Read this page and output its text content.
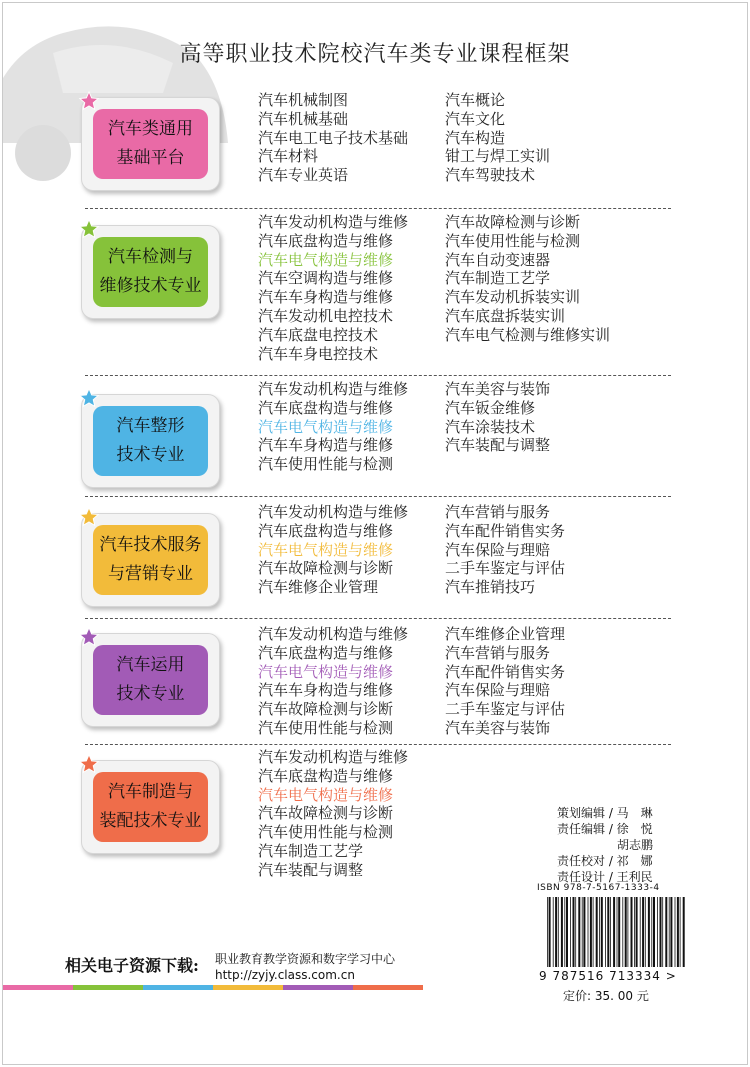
高等职业技术院校汽车类专业课程框架
汽车类通用
基础平台
汽车机械制图
汽车机械基础
汽车电工电子技术基础
汽车材料
汽车专业英语
汽车概论
汽车文化
汽车构造
钳工与焊工实训
汽车驾驶技术
汽车检测与
维修技术专业
汽车发动机构造与维修
汽车底盘构造与维修
汽车电气构造与维修
汽车空调构造与维修
汽车车身构造与维修
汽车发动机电控技术
汽车底盘电控技术
汽车车身电控技术
汽车故障检测与诊断
汽车使用性能与检测
汽车自动变速器
汽车制造工艺学
汽车发动机拆装实训
汽车底盘拆装实训
汽车电气检测与维修实训
汽车整形
技术专业
汽车发动机构造与维修
汽车底盘构造与维修
汽车电气构造与维修
汽车车身构造与维修
汽车使用性能与检测
汽车美容与装饰
汽车钣金维修
汽车涂装技术
汽车装配与调整
汽车技术服务
与营销专业
汽车发动机构造与维修
汽车底盘构造与维修
汽车电气构造与维修
汽车故障检测与诊断
汽车维修企业管理
汽车营销与服务
汽车配件销售实务
汽车保险与理赔
二手车鉴定与评估
汽车推销技巧
汽车运用
技术专业
汽车发动机构造与维修
汽车底盘构造与维修
汽车电气构造与维修
汽车车身构造与维修
汽车故障检测与诊断
汽车使用性能与检测
汽车维修企业管理
汽车营销与服务
汽车配件销售实务
汽车保险与理赔
二手车鉴定与评估
汽车美容与装饰
汽车制造与
装配技术专业
汽车发动机构造与维修
汽车底盘构造与维修
汽车电气构造与维修
汽车故障检测与诊断
汽车使用性能与检测
汽车制造工艺学
汽车装配与调整
策划编辑 / 马　琳
责任编辑 / 徐　悦
　　　　　胡志鹏
责任校对 / 祁　娜
责任设计 / 王利民
ISBN 978-7-5167-1333-4
9 787516 713334 >
定价: 35. 00 元
相关电子资源下载: 职业教育教学资源和数字学习中心
http://zyjy.class.com.cn
